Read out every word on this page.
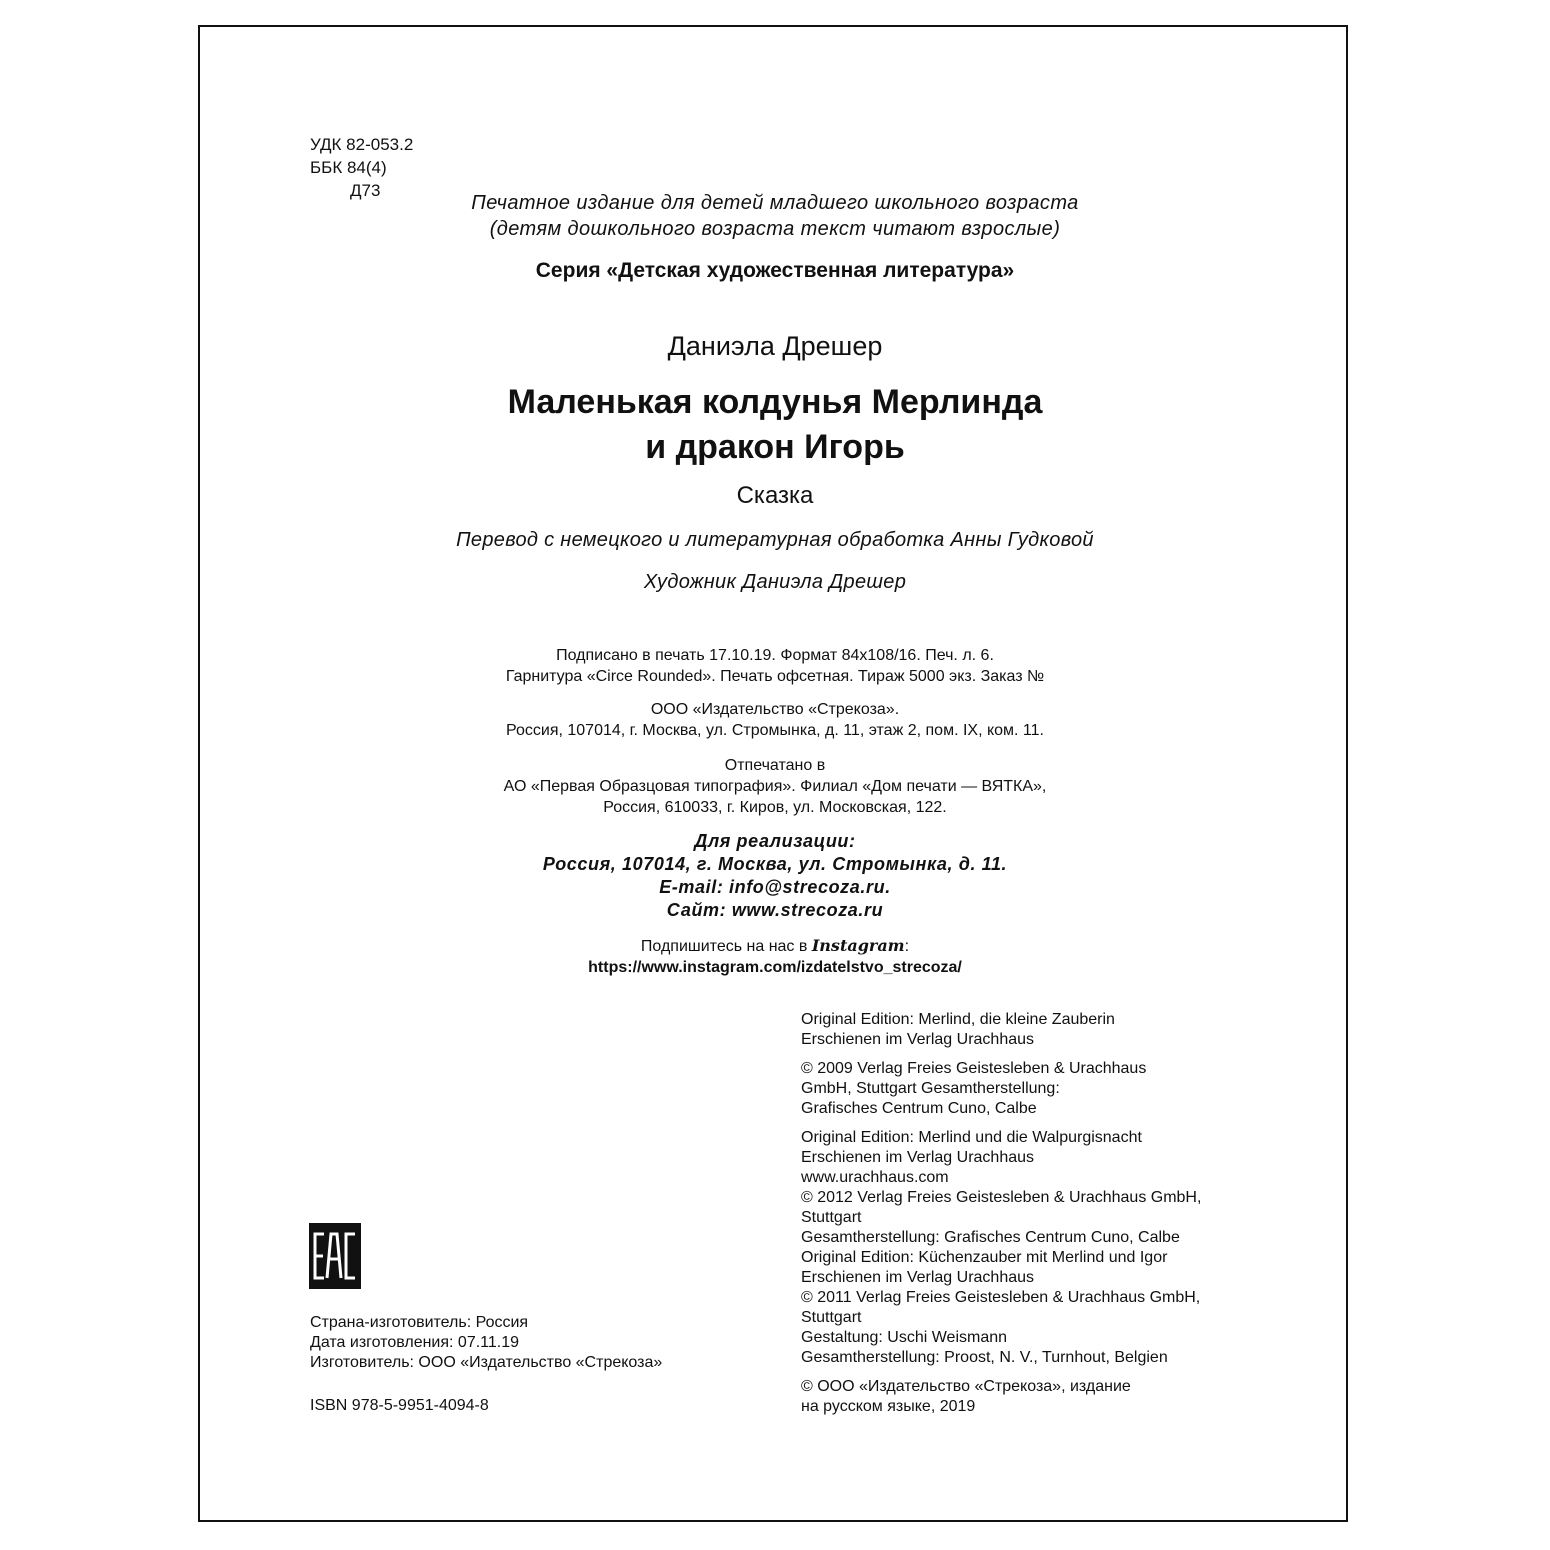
УДК 82-053.2
ББК 84(4)
Д73
Печатное издание для детей младшего школьного возраста
(детям дошкольного возраста текст читают взрослые)
Серия «Детская художественная литература»
Даниэла Дрешер
Маленькая колдунья Мерлинда
и дракон Игорь
Сказка
Перевод с немецкого и литературная обработка Анны Гудковой
Художник Даниэла Дрешер
Подписано в печать 17.10.19. Формат 84x108/16. Печ. л. 6.
Гарнитура «Circe Rounded». Печать офсетная. Тираж 5000 экз. Заказ №
ООО «Издательство «Стрекоза».
Россия, 107014, г. Москва, ул. Стромынка, д. 11, этаж 2, пом. IX, ком. 11.
Отпечатано в
АО «Первая Образцовая типография». Филиал «Дом печати — ВЯТКА»,
Россия, 610033, г. Киров, ул. Московская, 122.
Для реализации:
Россия, 107014, г. Москва, ул. Стромынка, д. 11.
E-mail: info@strecoza.ru.
Сайт: www.strecoza.ru
Подпишитесь на нас в Instagram:
https://www.instagram.com/izdatelstvo_strecoza/
Original Edition: Merlind, die kleine Zauberin
Erschienen im Verlag Urachhaus
© 2009 Verlag Freies Geistesleben & Urachhaus
GmbH, Stuttgart Gesamtherstellung:
Grafisches Centrum Cuno, Calbe
Original Edition: Merlind und die Walpurgisnacht
Erschienen im Verlag Urachhaus
www.urachhaus.com
© 2012 Verlag Freies Geistesleben & Urachhaus GmbH,
Stuttgart
Gesamtherstellung: Grafisches Centrum Cuno, Calbe
Original Edition: Küchenzauber mit Merlind und Igor
Erschienen im Verlag Urachhaus
© 2011 Verlag Freies Geistesleben & Urachhaus GmbH,
Stuttgart
Gestaltung: Uschi Weismann
Gesamtherstellung: Proost, N. V., Turnhout, Belgien
© ООО «Издательство «Стрекоза», издание
на русском языке, 2019
Страна-изготовитель: Россия
Дата изготовления: 07.11.19
Изготовитель: ООО «Издательство «Стрекоза»
ISBN 978-5-9951-4094-8
